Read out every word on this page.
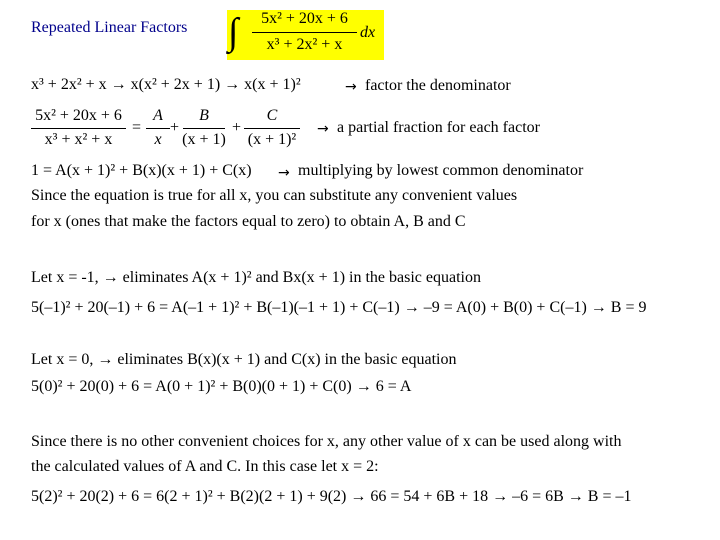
Repeated Linear Factors ∫ 5x² + 20x + 6
x³ + 2x² + x
dx
x³ + 2x² + x → x(x² + 2x + 1) → x(x + 1)²	→ factor the denominator
5x² + 20x + 6
x³ + x² + x
=
A
x
+
B
(x + 1)
+
C
(x + 1)²
→ a partial fraction for each factor
1 = A(x + 1)² + B(x)(x + 1) + C(x) → multiplying by lowest common denominator
Since the equation is true for all x, you can substitute any convenient values
for x (ones that make the factors equal to zero) to obtain A, B and C
Let x = -1, → eliminates A(x + 1)² and Bx(x + 1) in the basic equation
5(–1)² + 20(–1) + 6 = A(–1 + 1)² + B(–1)(–1 + 1) + C(–1) → –9 = A(0) + B(0) + C(–1) → B = 9
Let x = 0, → eliminates B(x)(x + 1) and C(x) in the basic equation
5(0)² + 20(0) + 6 = A(0 + 1)² + B(0)(0 + 1) + C(0) → 6 = A
Since there is no other convenient choices for x, any other value of x can be used along with
the calculated values of A and C. In this case let x = 2:
5(2)² + 20(2) + 6 = 6(2 + 1)² + B(2)(2 + 1) + 9(2) → 66 = 54 + 6B + 18 → –6 = 6B → B = –1
